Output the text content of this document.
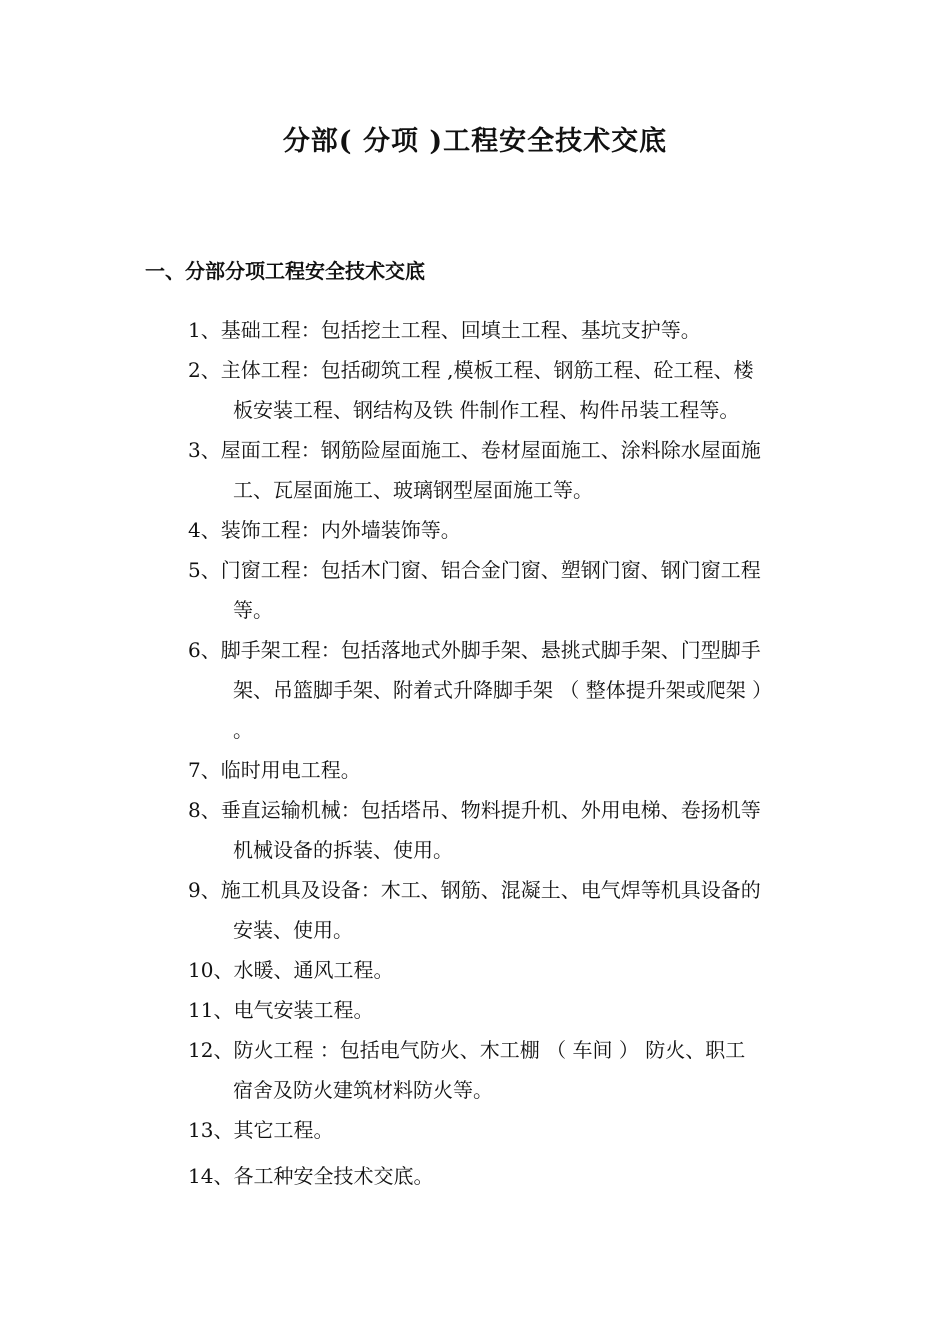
分部( 分项 )工程安全技术交底
一、分部分项工程安全技术交底
1、基础工程：包括挖土工程、回填土工程、基坑支护等。
2、主体工程：包括砌筑工程 ,模板工程、钢筋工程、砼工程、楼
板安装工程、钢结构及铁 件制作工程、构件吊装工程等。
3、屋面工程：钢筋险屋面施工、卷材屋面施工、涂料除水屋面施
工、瓦屋面施工、玻璃钢型屋面施工等。
4、装饰工程：内外墙装饰等。
5、门窗工程：包括木门窗、铝合金门窗、塑钢门窗、钢门窗工程
等。
6、脚手架工程：包括落地式外脚手架、悬挑式脚手架、门型脚手
架、吊篮脚手架、附着式升降脚手架 （ 整体提升架或爬架 ）
。
7、临时用电工程。
8、垂直运输机械：包括塔吊、物料提升机、外用电梯、卷扬机等
机械设备的拆装、使用。
9、施工机具及设备：木工、钢筋、混凝土、电气焊等机具设备的
安装、使用。
10、水暖、通风工程。
11、电气安装工程。
12、防火工程 ：包括电气防火、木工棚 （ 车间 ） 防火、职工
宿舍及防火建筑材料防火等。
13、其它工程。
14、各工种安全技术交底。
